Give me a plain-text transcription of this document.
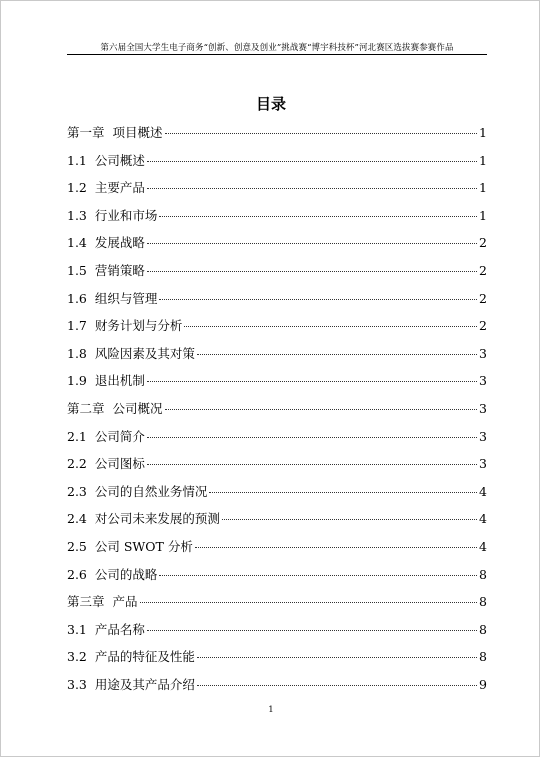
第六届全国大学生电子商务“创新、创意及创业”挑战赛“博宇科技杯”河北赛区选拔赛参赛作品
目录
第一章 项目概述	1
1.1 公司概述	1
1.2 主要产品	1
1.3 行业和市场	1
1.4 发展战略	2
1.5 营销策略	2
1.6 组织与管理	2
1.7 财务计划与分析	2
1.8 风险因素及其对策	3
1.9 退出机制	3
第二章 公司概况	3
2.1 公司简介	3
2.2 公司图标	3
2.3 公司的自然业务情况	4
2.4 对公司未来发展的预测	4
2.5 公司 SWOT 分析	4
2.6 公司的战略	8
第三章 产品	8
3.1 产品名称	8
3.2 产品的特征及性能	8
3.3 用途及其产品介绍	9
1
